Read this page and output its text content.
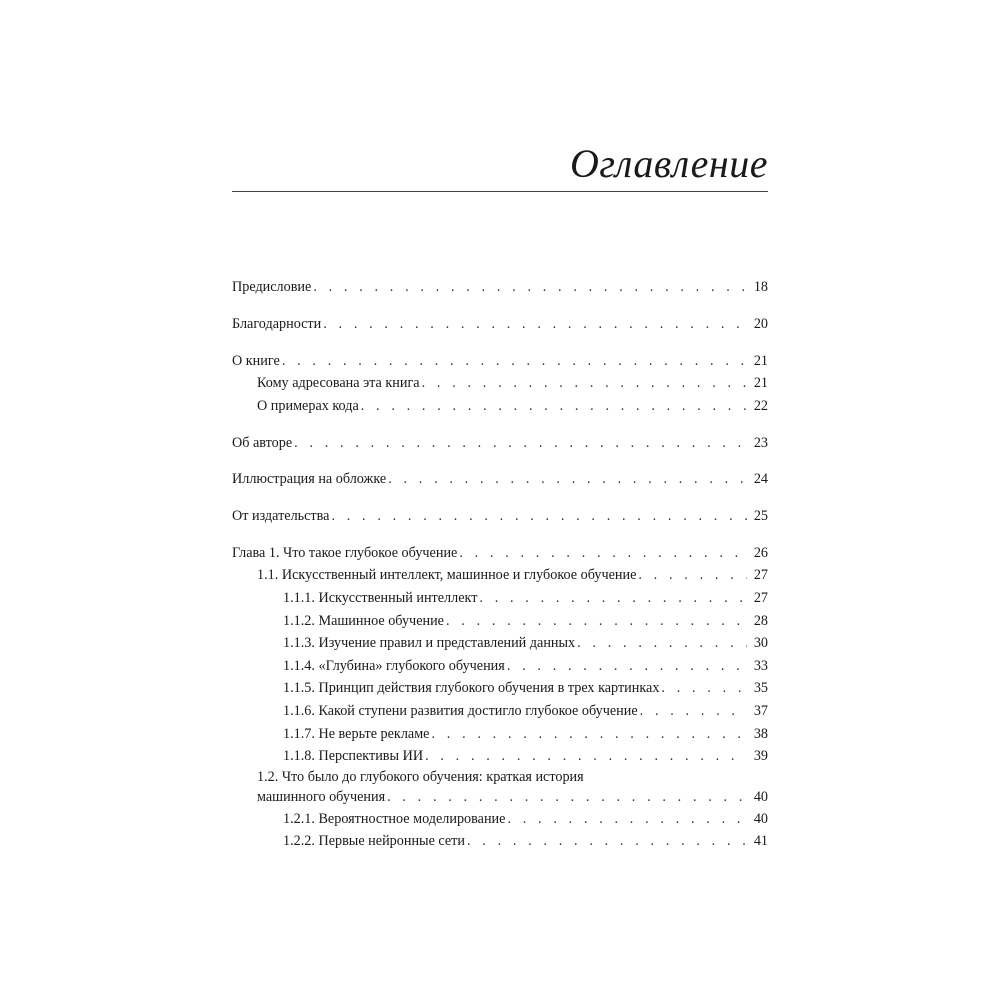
Оглавление
Предисловие . . .	18
Благодарности . . .	20
О книге . . .	21
Кому адресована эта книга . . .	21
О примерах кода . . .	22
Об авторе . . .	23
Иллюстрация на обложке . . .	24
От издательства . . .	25
Глава 1. Что такое глубокое обучение . . .	26
1.1. Искусственный интеллект, машинное и глубокое обучение . . .	27
1.1.1. Искусственный интеллект . . .	27
1.1.2. Машинное обучение . . .	28
1.1.3. Изучение правил и представлений данных . . .	30
1.1.4. «Глубина» глубокого обучения . . .	33
1.1.5. Принцип действия глубокого обучения в трех картинках . . .	35
1.1.6. Какой ступени развития достигло глубокое обучение . . .	37
1.1.7. Не верьте рекламе . . .	38
1.1.8. Перспективы ИИ . . .	39
1.2. Что было до глубокого обучения: краткая история
машинного обучения . . .	40
1.2.1. Вероятностное моделирование . . .	40
1.2.2. Первые нейронные сети . . .	41
